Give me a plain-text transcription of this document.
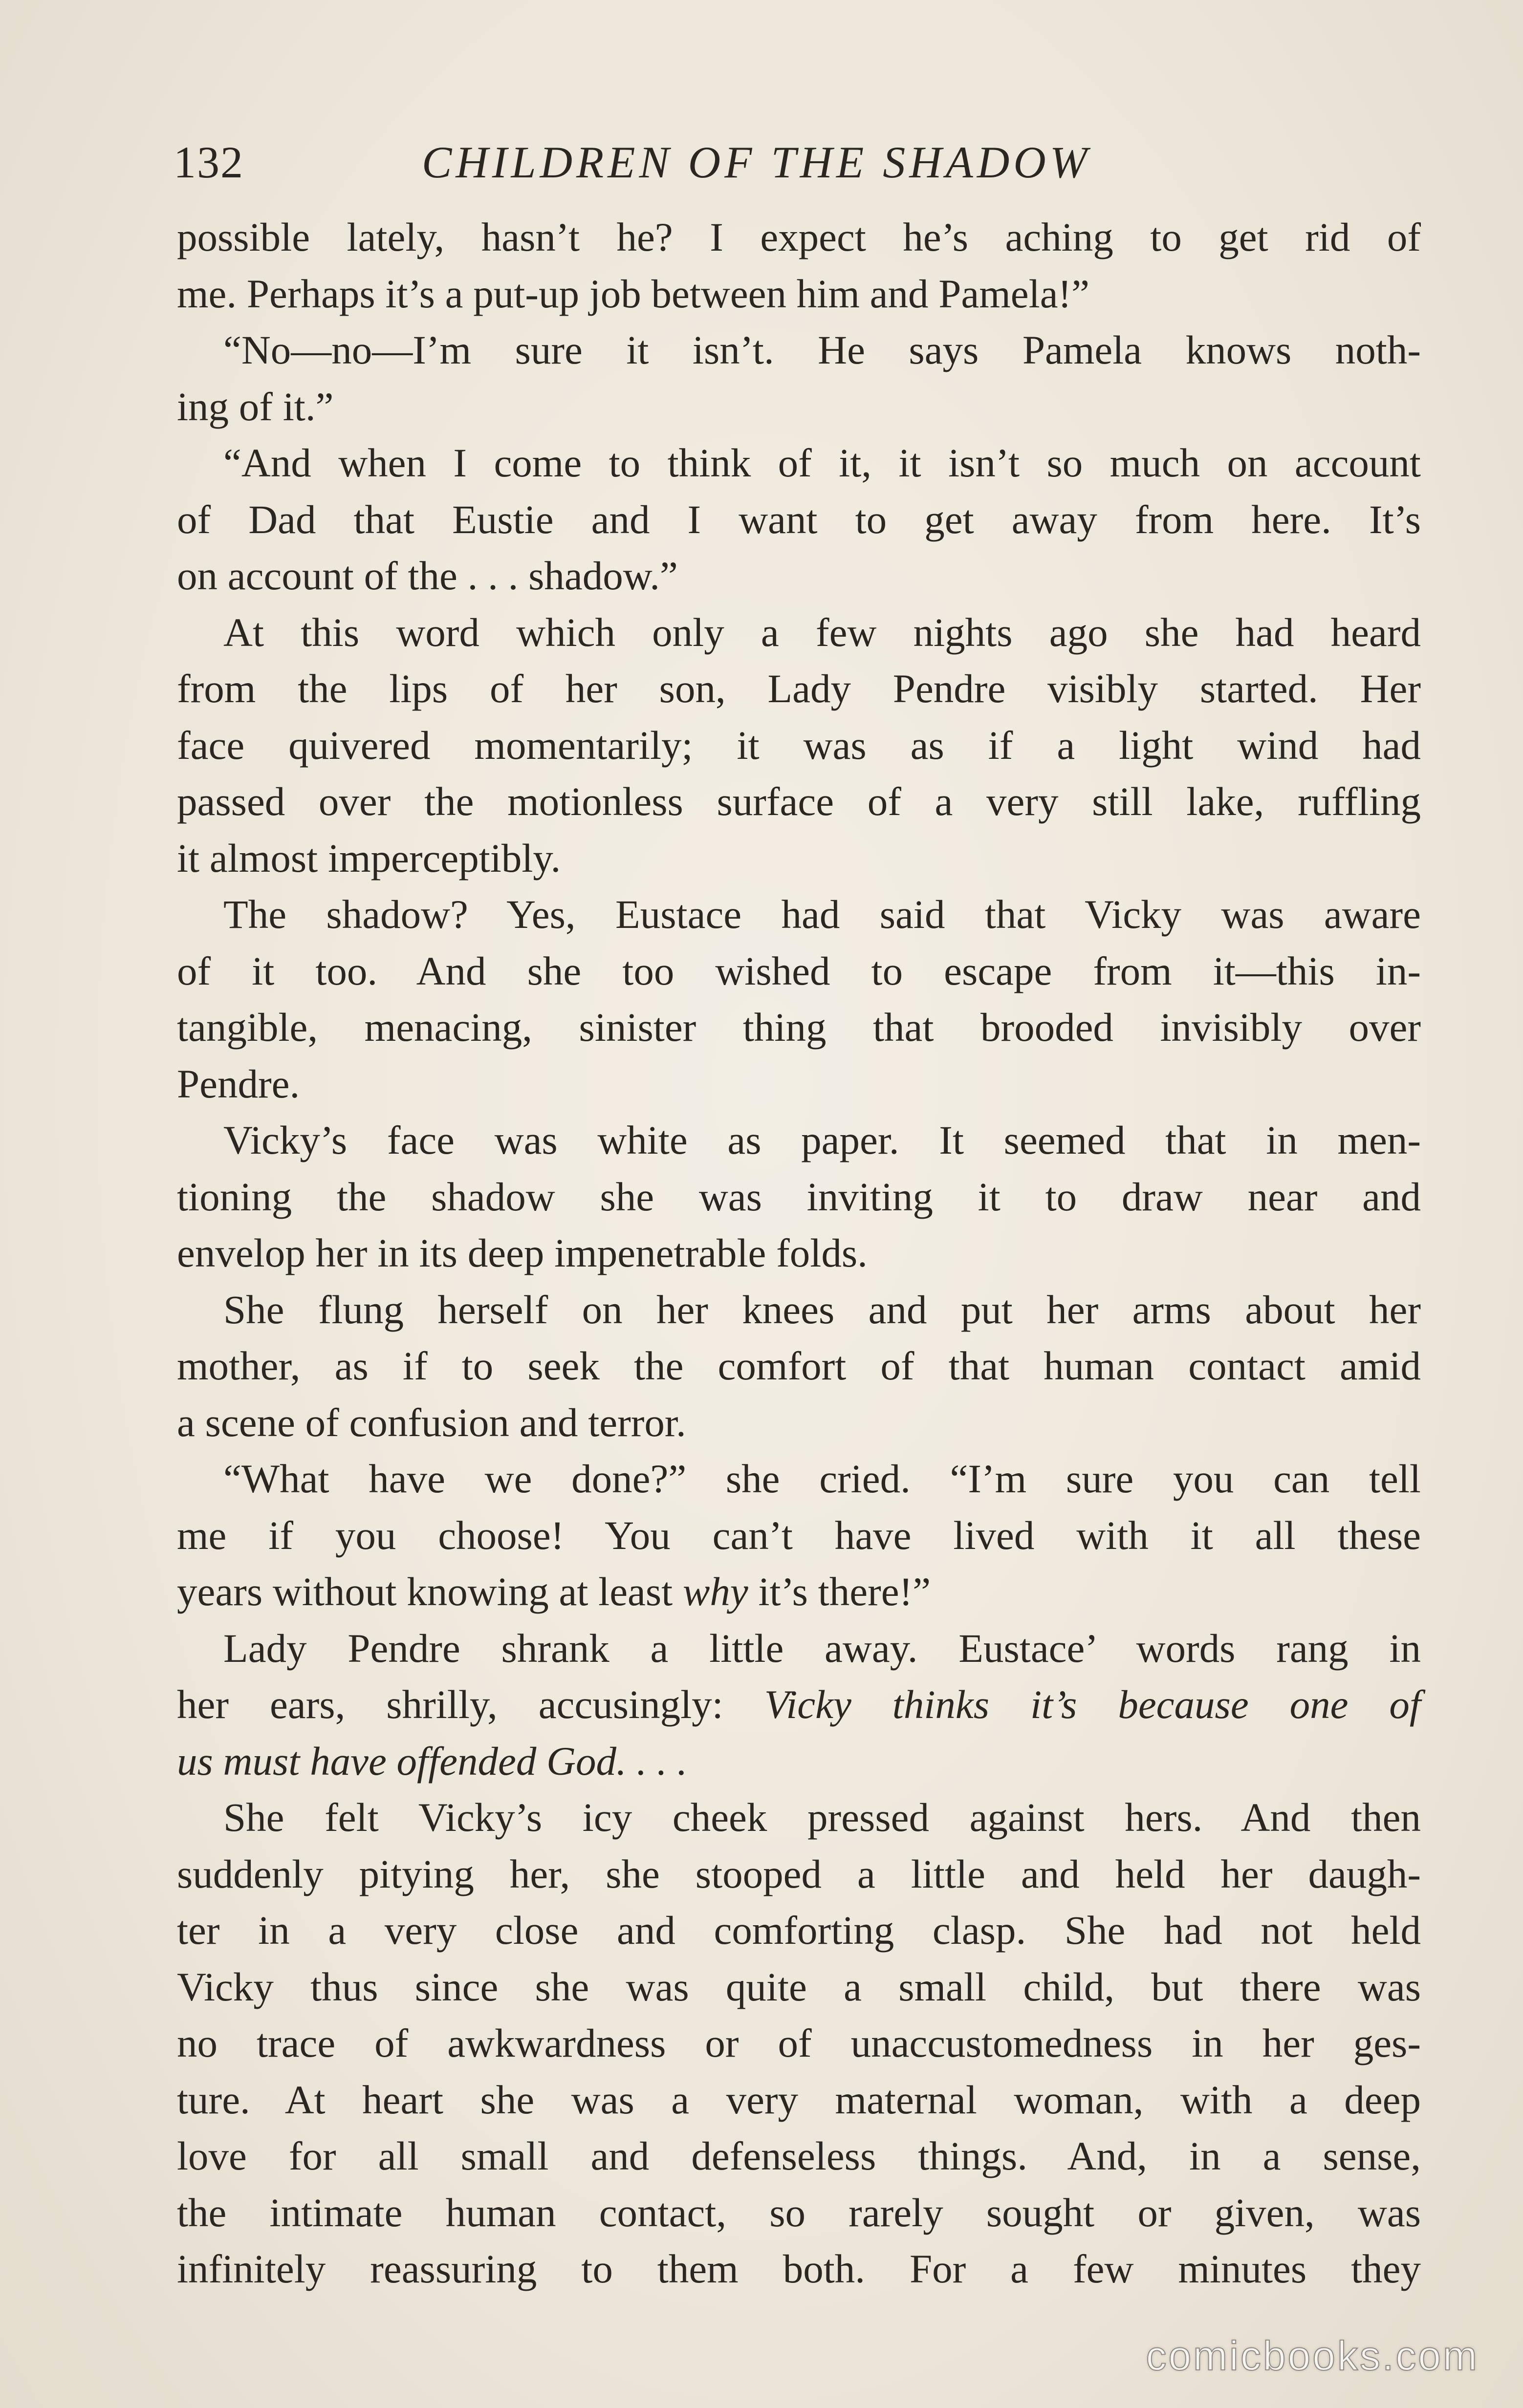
132	CHILDREN OF THE SHADOW
possible lately, hasn’t he? I expect he’s aching to get rid of
me. Perhaps it’s a put-up job between him and Pamela!”
“No—no—I’m sure it isn’t. He says Pamela knows noth-
ing of it.”
“And when I come to think of it, it isn’t so much on account
of Dad that Eustie and I want to get away from here. It’s
on account of the . . . shadow.”
At this word which only a few nights ago she had heard
from the lips of her son, Lady Pendre visibly started. Her
face quivered momentarily; it was as if a light wind had
passed over the motionless surface of a very still lake, ruffling
it almost imperceptibly.
The shadow? Yes, Eustace had said that Vicky was aware
of it too. And she too wished to escape from it—this in-
tangible, menacing, sinister thing that brooded invisibly over
Pendre.
Vicky’s face was white as paper. It seemed that in men-
tioning the shadow she was inviting it to draw near and
envelop her in its deep impenetrable folds.
She flung herself on her knees and put her arms about her
mother, as if to seek the comfort of that human contact amid
a scene of confusion and terror.
“What have we done?” she cried. “I’m sure you can tell
me if you choose! You can’t have lived with it all these
years without knowing at least why it’s there!”
Lady Pendre shrank a little away. Eustace’ words rang in
her ears, shrilly, accusingly: Vicky thinks it’s because one of
us must have offended God. . . .
She felt Vicky’s icy cheek pressed against hers. And then
suddenly pitying her, she stooped a little and held her daugh-
ter in a very close and comforting clasp. She had not held
Vicky thus since she was quite a small child, but there was
no trace of awkwardness or of unaccustomedness in her ges-
ture. At heart she was a very maternal woman, with a deep
love for all small and defenseless things. And, in a sense,
the intimate human contact, so rarely sought or given, was
infinitely reassuring to them both. For a few minutes they
comicbooks.com
